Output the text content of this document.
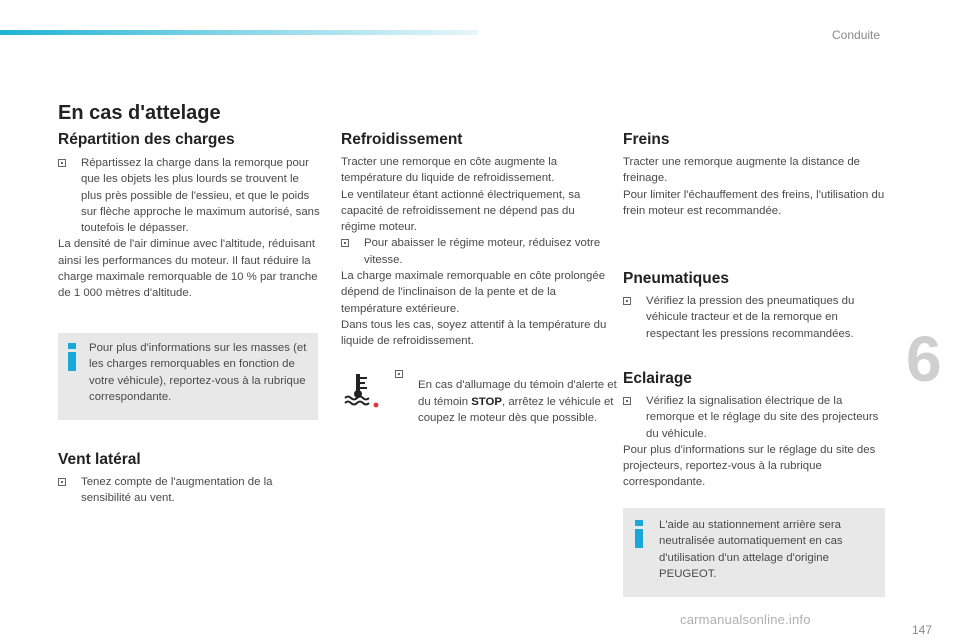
Conduite
En cas d'attelage
Répartition des charges

Répartissez la charge dans la remorque pour que les objets les plus lourds se trouvent le plus près possible de l'essieu, et que le poids sur flèche approche le maximum autorisé, sans toutefois le dépasser.

La densité de l'air diminue avec l'altitude, réduisant ainsi les performances du moteur. Il faut réduire la charge maximale remorquable de 10 % par tranche de 1 000 mètres d'altitude.

Pour plus d'informations sur les masses (et les charges remorquables en fonction de votre véhicule), reportez-vous à la rubrique correspondante.
Vent latéral

Tenez compte de l'augmentation de la sensibilité au vent.

Refroidissement

Tracter une remorque en côte augmente la température du liquide de refroidissement.

Le ventilateur étant actionné électriquement, sa capacité de refroidissement ne dépend pas du régime moteur.

Pour abaisser le régime moteur, réduisez votre vitesse.

La charge maximale remorquable en côte prolongée dépend de l'inclinaison de la pente et de la température extérieure.

Dans tous les cas, soyez attentif à la température du liquide de refroidissement.

En cas d'allumage du témoin d'alerte et du témoin STOP, arrêtez le véhicule et coupez le moteur dès que possible.

Freins

Tracter une remorque augmente la distance de freinage.

Pour limiter l'échauffement des freins, l'utilisation du frein moteur est recommandée.

Pneumatiques

Vérifiez la pression des pneumatiques du véhicule tracteur et de la remorque en respectant les pressions recommandées.

Eclairage

Vérifiez la signalisation électrique de la remorque et le réglage du site des projecteurs du véhicule.

Pour plus d'informations sur le réglage du site des projecteurs, reportez-vous à la rubrique correspondante.

L'aide au stationnement arrière sera neutralisée automatiquement en cas d'utilisation d'un attelage d'origine PEUGEOT.
6
carmanualsonline.info
147
